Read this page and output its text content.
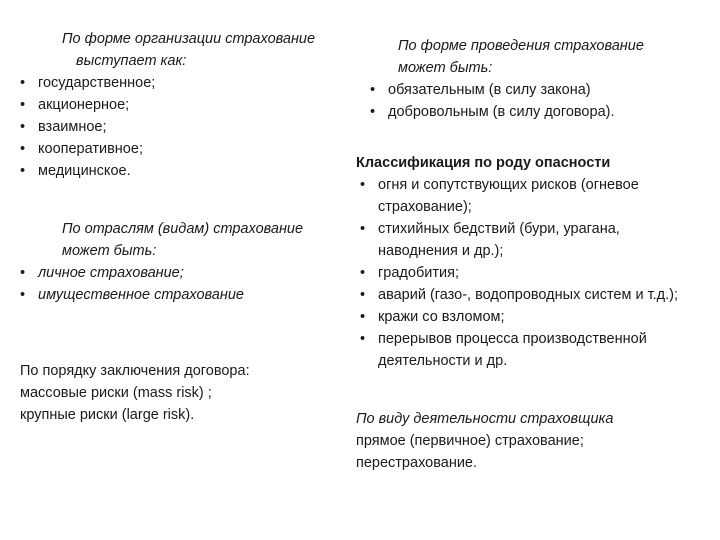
По форме организации страхование
выступает как:
• государственное;
• акционерное;
• взаимное;
• кооперативное;
• медицинское.
По отраслям (видам) страхование
может быть:
• личное страхование;
• имущественное страхование
По порядку заключения договора:
массовые риски (mass risk) ;
крупные риски (large risk).
По форме проведения страхование
может быть:
• обязательным (в силу закона)
• добровольным (в силу договора).
Классификация по роду опасности
• огня и сопутствующих рисков (огневое страхование);
• стихийных бедствий (бури, урагана, наводнения и др.);
• градобития;
• аварий (газо-, водопроводных систем и т.д.);
• кражи со взломом;
• перерывов процесса производственной деятельности и др.
По виду деятельности страховщика
прямое (первичное) страхование;
перестрахование.
